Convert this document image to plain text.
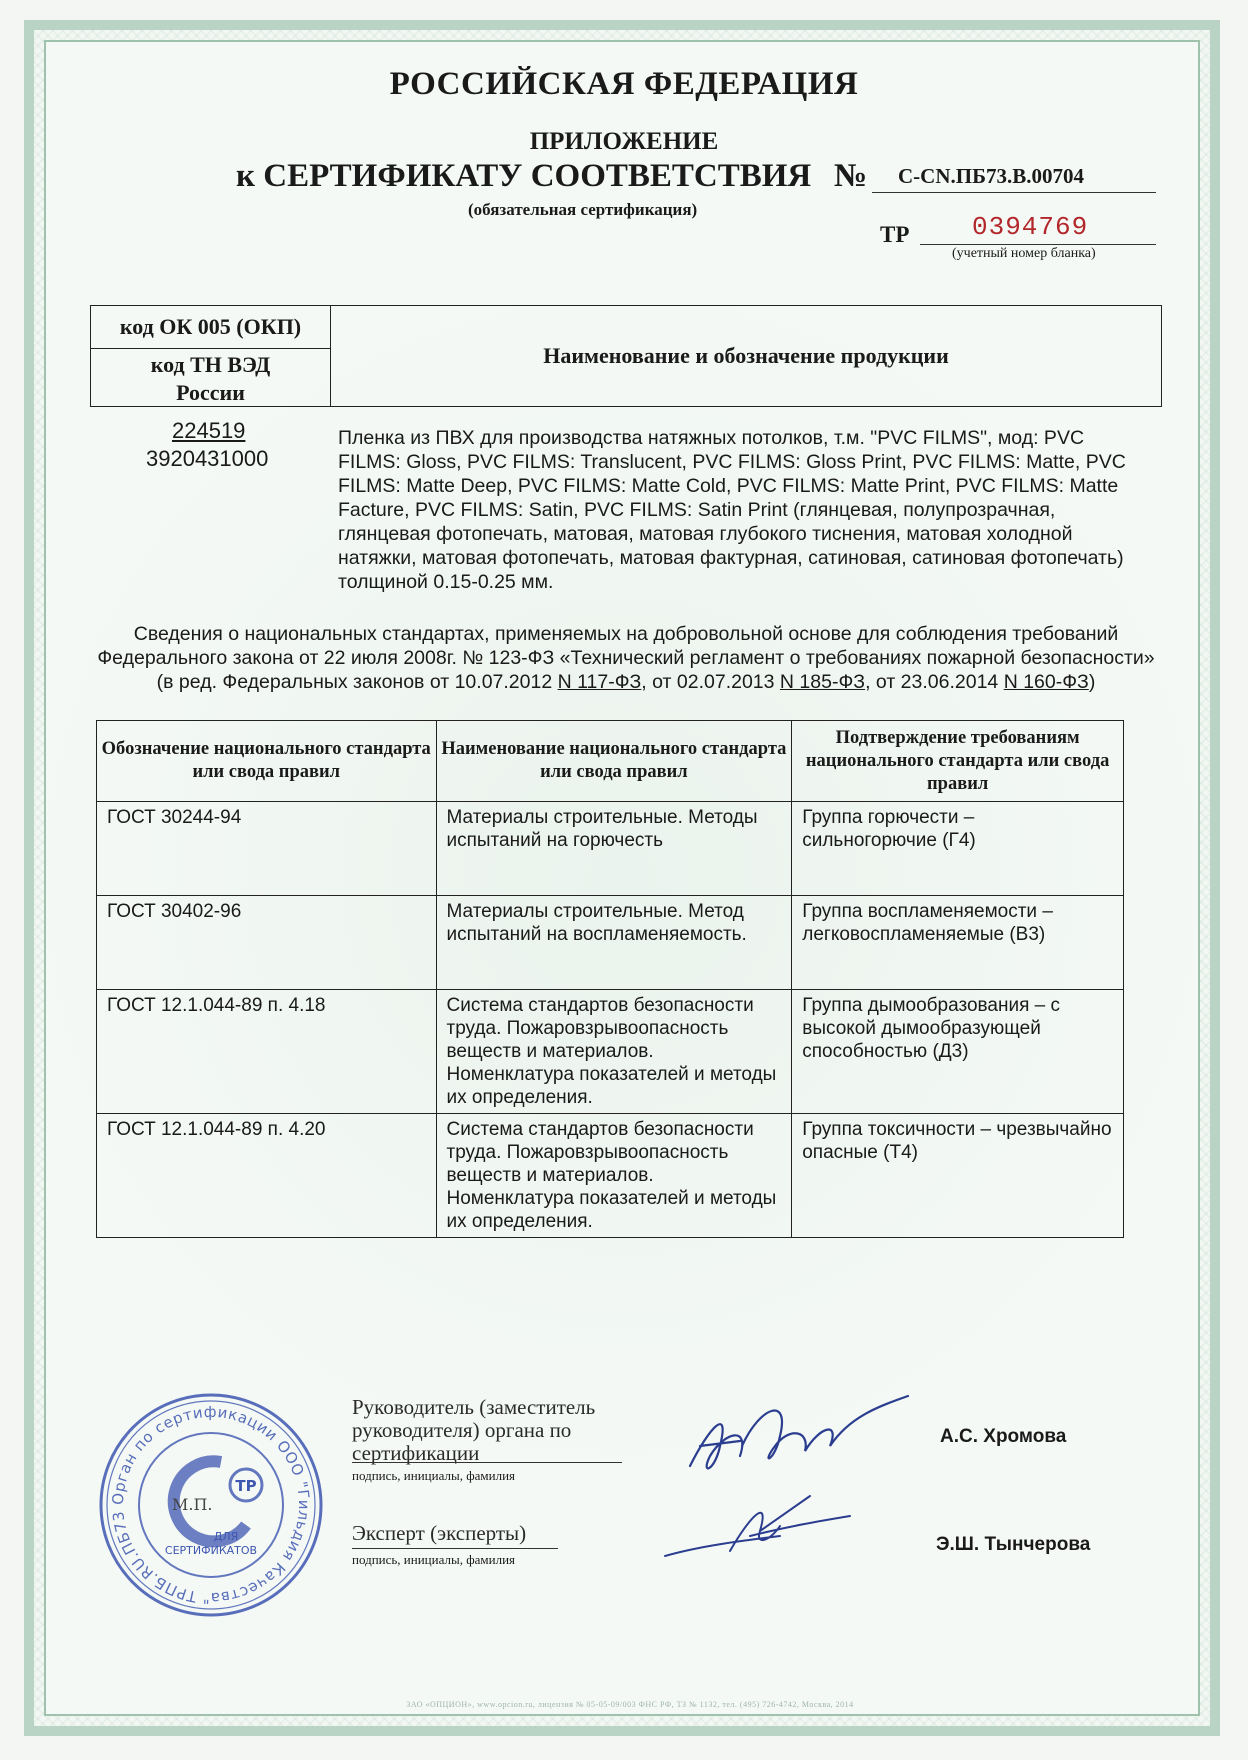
РОССИЙСКАЯ ФЕДЕРАЦИЯ
ПРИЛОЖЕНИЕ
к СЕРТИФИКАТУ СООТВЕТСТВИЯ № C-CN.ПБ73.В.00704
(обязательная сертификация)
ТР 0394769
(учетный номер бланка)
код ОК 005 (ОКП)
код ТН ВЭД
России
Наименование и обозначение продукции
224519
3920431000
Пленка из ПВХ для производства натяжных потолков, т.м. "PVC FILMS", мод: PVC FILMS: Gloss, PVC FILMS: Translucent, PVC FILMS: Gloss Print, PVC FILMS: Matte, PVC FILMS: Matte Deep, PVC FILMS: Matte Cold, PVC FILMS: Matte Print, PVC FILMS: Matte Facture, PVC FILMS: Satin, PVC FILMS: Satin Print (глянцевая, полупрозрачная, глянцевая фотопечать, матовая, матовая глубокого тиснения, матовая холодной натяжки, матовая фотопечать, матовая фактурная, сатиновая, сатиновая фотопечать) толщиной 0.15-0.25 мм.
Сведения о национальных стандартах, применяемых на добровольной основе для соблюдения требований Федерального закона от 22 июля 2008г. № 123-ФЗ «Технический регламент о требованиях пожарной безопасности» (в ред. Федеральных законов от 10.07.2012 N 117-ФЗ, от 02.07.2013 N 185-ФЗ, от 23.06.2014 N 160-ФЗ)
Обозначение национального стандарта или свода правил	Наименование национального стандарта или свода правил	Подтверждение требованиям национального стандарта или свода правил
ГОСТ 30244-94	Материалы строительные. Методы испытаний на горючесть	Группа горючести – сильногорючие (Г4)
ГОСТ 30402-96	Материалы строительные. Метод испытаний на воспламеняемость.	Группа воспламеняемости – легковоспламеняемые (В3)
ГОСТ 12.1.044-89 п. 4.18	Система стандартов безопасности труда. Пожаровзрывоопасность веществ и материалов. Номенклатура показателей и методы их определения.	Группа дымообразования – с высокой дымообразующей способностью (Д3)
ГОСТ 12.1.044-89 п. 4.20	Система стандартов безопасности труда. Пожаровзрывоопасность веществ и материалов. Номенклатура показателей и методы их определения.	Группа токсичности – чрезвычайно опасные (Т4)
Руководитель (заместитель руководителя) органа по сертификации
подпись, инициалы, фамилия
А.С. Хромова
Эксперт (эксперты)
подпись, инициалы, фамилия
Э.Ш. Тынчерова
Орган по сертификации ООО "Гильдия Качества" ТРПБ.RU.ПБ73
ТР
М.П.
ДЛЯ
СЕРТИФИКАТОВ
ЗАО «ОПЦИОН», www.opcion.ru, лицензия № 05-05-09/003 ФНС РФ, ТЗ № 1132, тел. (495) 726-4742, Москва, 2014
